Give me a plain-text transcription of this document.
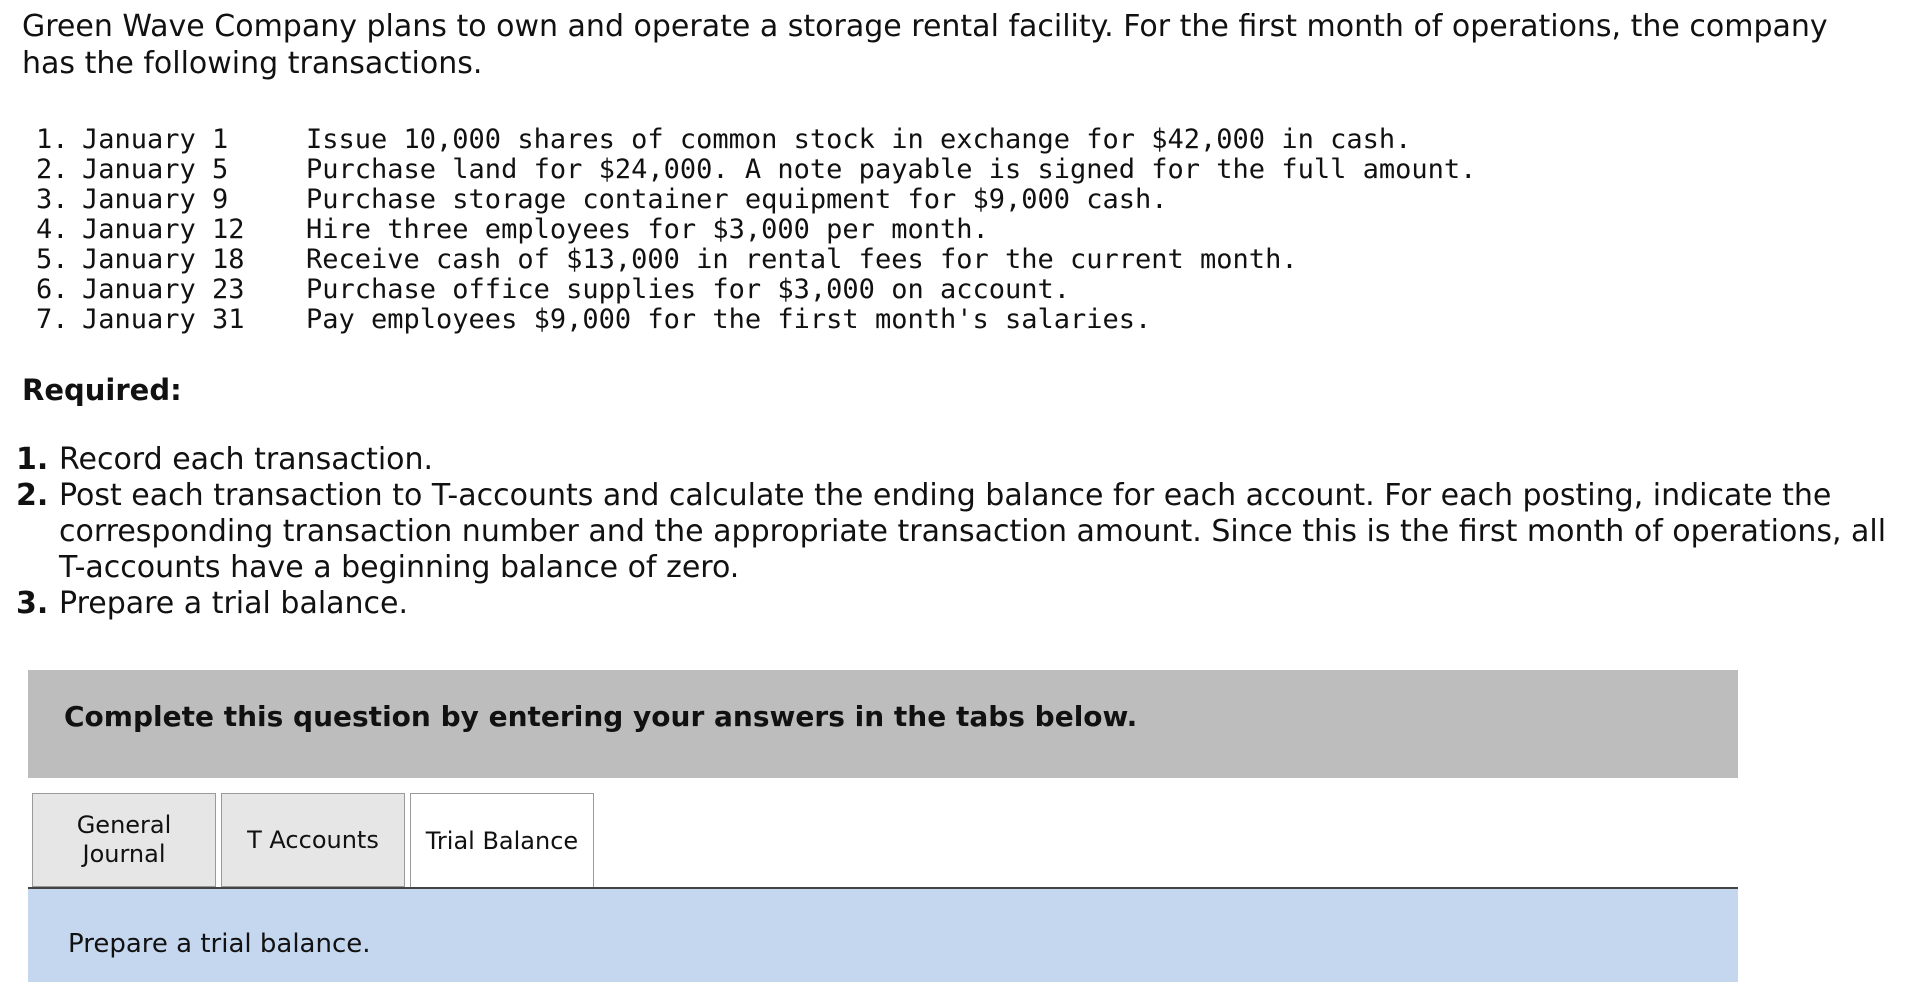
Green Wave Company plans to own and operate a storage rental facility. For the first month of operations, the company has the following transactions.

1. January 1	Issue 10,000 shares of common stock in exchange for $42,000 in cash.
2. January 5	Purchase land for $24,000. A note payable is signed for the full amount.
3. January 9	Purchase storage container equipment for $9,000 cash.
4. January 12	Hire three employees for $3,000 per month.
5. January 18	Receive cash of $13,000 in rental fees for the current month.
6. January 23	Purchase office supplies for $3,000 on account.
7. January 31	Pay employees $9,000 for the first month's salaries.
Required:
1. Record each transaction.
2. Post each transaction to T-accounts and calculate the ending balance for each account. For each posting, indicate the corresponding transaction number and the appropriate transaction amount. Since this is the first month of operations, all T-accounts have a beginning balance of zero.
3. Prepare a trial balance.
Complete this question by entering your answers in the tabs below.
General Journal
T Accounts Trial Balance
Prepare a trial balance.
